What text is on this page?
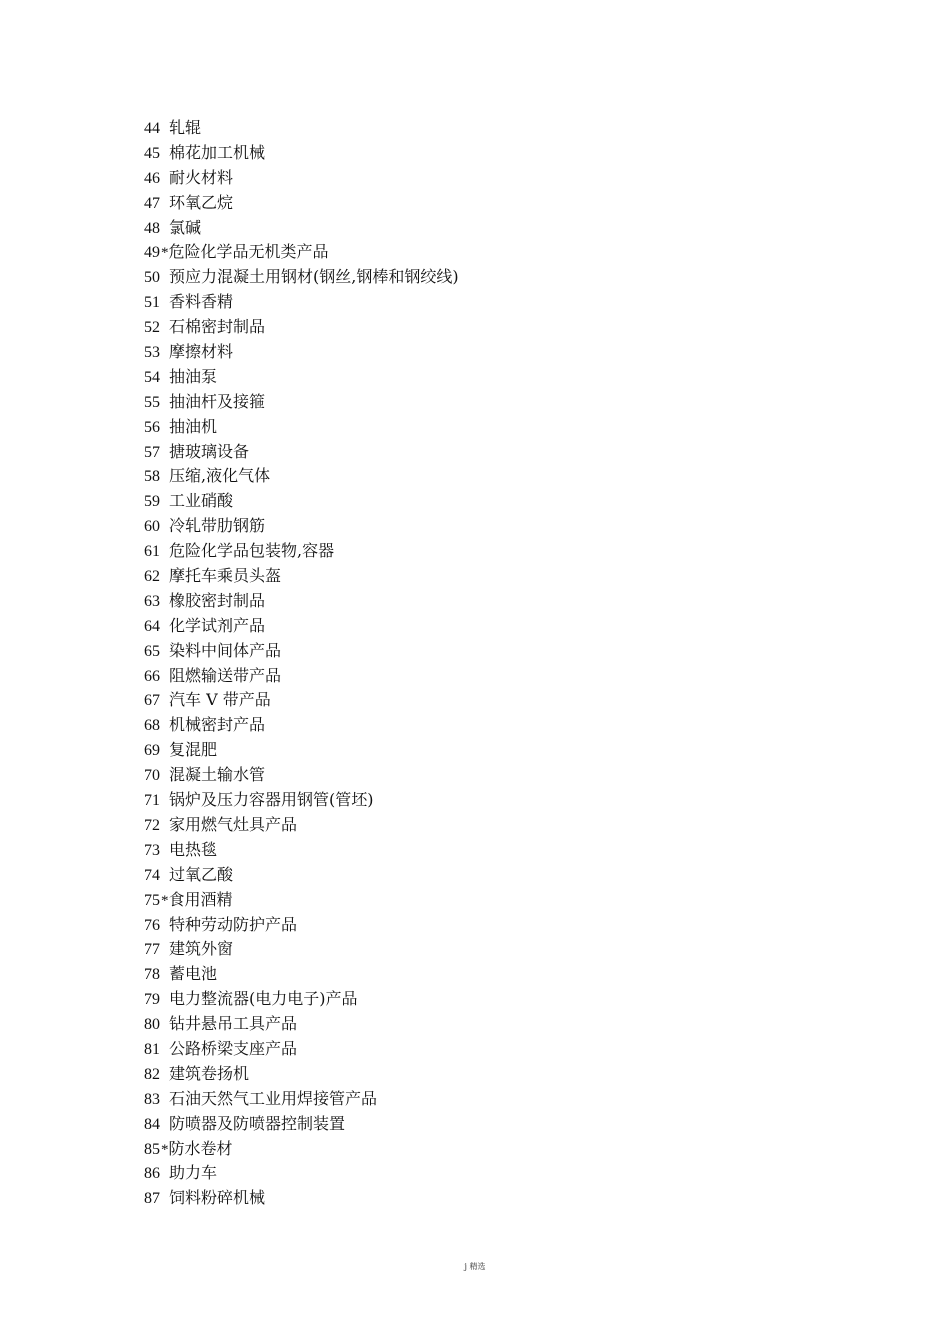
44 轧辊
45 棉花加工机械
46 耐火材料
47 环氧乙烷
48 氯碱
49*危险化学品无机类产品
50 预应力混凝土用钢材(钢丝,钢棒和钢绞线)
51 香料香精
52 石棉密封制品
53 摩擦材料
54 抽油泵
55 抽油杆及接箍
56 抽油机
57 搪玻璃设备
58 压缩,液化气体
59 工业硝酸
60 冷轧带肋钢筋
61 危险化学品包装物,容器
62 摩托车乘员头盔
63 橡胶密封制品
64 化学试剂产品
65 染料中间体产品
66 阻燃输送带产品
67 汽车 V 带产品
68 机械密封产品
69 复混肥
70 混凝土输水管
71 锅炉及压力容器用钢管(管坯)
72 家用燃气灶具产品
73 电热毯
74 过氧乙酸
75*食用酒精
76 特种劳动防护产品
77 建筑外窗
78 蓄电池
79 电力整流器(电力电子)产品
80 钻井悬吊工具产品
81 公路桥梁支座产品
82 建筑卷扬机
83 石油天然气工业用焊接管产品
84 防喷器及防喷器控制装置
85*防水卷材
86 助力车
87 饲料粉碎机械
j 精选
